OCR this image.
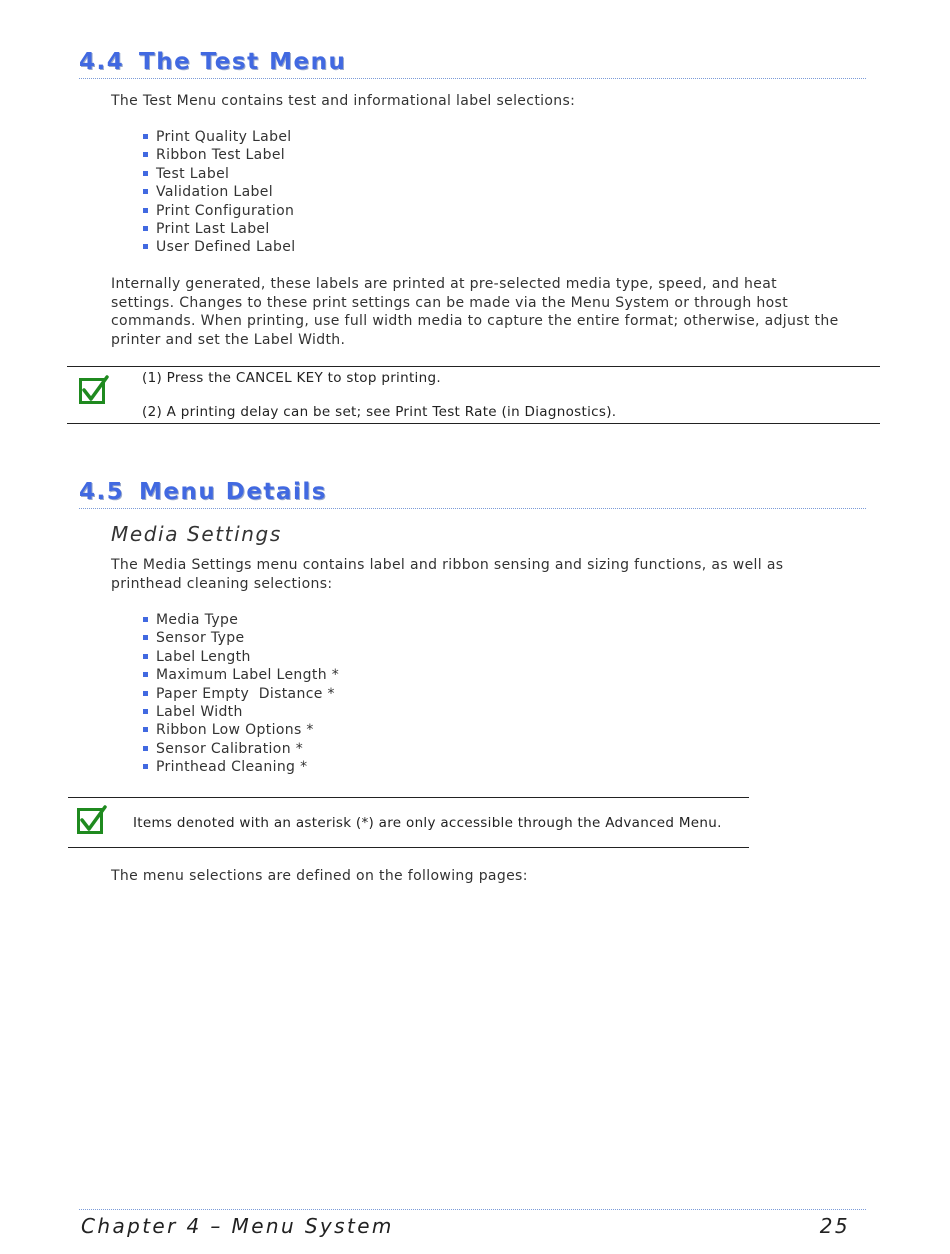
4.4 The Test Menu
The Test Menu contains test and informational label selections:
Print Quality Label
Ribbon Test Label
Test Label
Validation Label
Print Configuration
Print Last Label
User Defined Label
Internally generated, these labels are printed at pre-selected media type, speed, and heat settings. Changes to these print settings can be made via the Menu System or through host commands. When printing, use full width media to capture the entire format; otherwise, adjust the printer and set the Label Width.
(1) Press the CANCEL KEY to stop printing.
(2) A printing delay can be set; see Print Test Rate (in Diagnostics).
4.5 Menu Details
Media Settings
The Media Settings menu contains label and ribbon sensing and sizing functions, as well as printhead cleaning selections:
Media Type
Sensor Type
Label Length
Maximum Label Length *
Paper Empty  Distance *
Label Width
Ribbon Low Options *
Sensor Calibration *
Printhead Cleaning *
Items denoted with an asterisk (*) are only accessible through the Advanced Menu.
The menu selections are defined on the following pages:
Chapter 4 – Menu System	25
